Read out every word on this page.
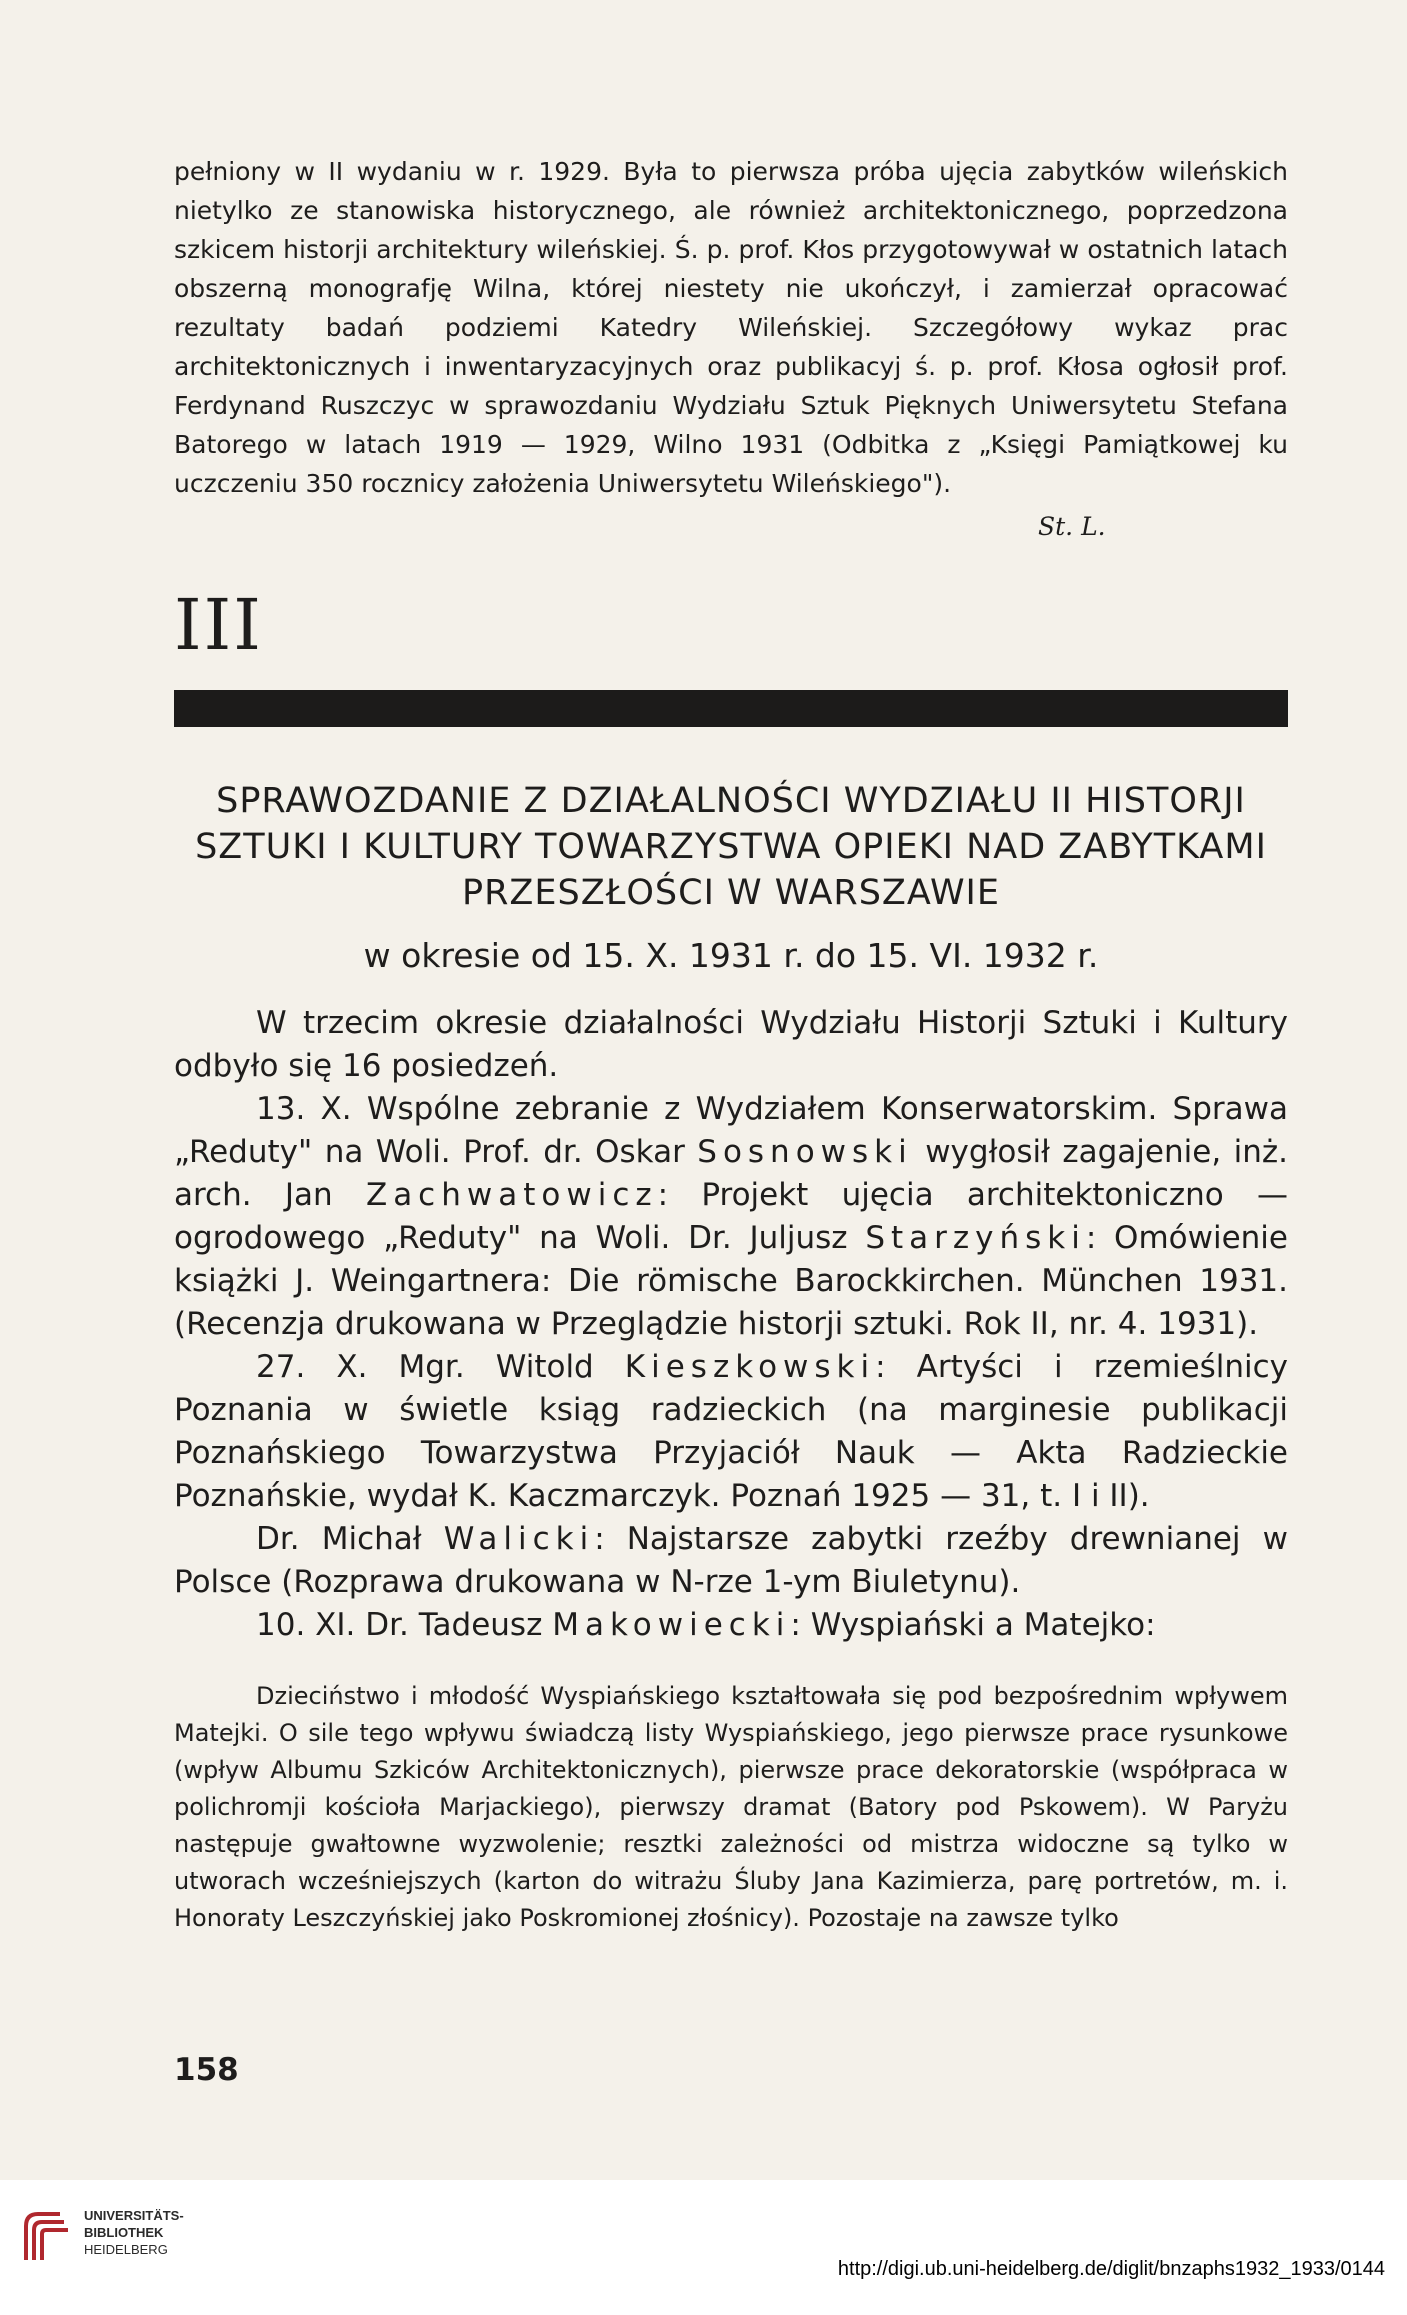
pełniony w II wydaniu w r. 1929. Była to pierwsza próba ujęcia zabytków wileńskich nietylko ze stanowiska historycznego, ale również architektonicznego, poprzedzona szkicem historji architektury wileńskiej. Ś. p. prof. Kłos przygotowywał w ostatnich latach obszerną monografję Wilna, której niestety nie ukończył, i zamierzał opracować rezultaty badań podziemi Katedry Wileńskiej. Szczegółowy wykaz prac architektonicznych i inwentaryzacyjnych oraz publikacyj ś. p. prof. Kłosa ogłosił prof. Ferdynand Ruszczyc w sprawozdaniu Wydziału Sztuk Pięknych Uniwersytetu Stefana Batorego w latach 1919 — 1929, Wilno 1931 (Odbitka z „Księgi Pamiątkowej ku uczczeniu 350 rocznicy założenia Uniwersytetu Wileńskiego").

St. L.
III
SPRAWOZDANIE Z DZIAŁALNOŚCI WYDZIAŁU II HISTORJI
SZTUKI I KULTURY TOWARZYSTWA OPIEKI NAD ZABYTKAMI
PRZESZŁOŚCI W WARSZAWIE
w okresie od 15. X. 1931 r. do 15. VI. 1932 r.

W trzecim okresie działalności Wydziału Historji Sztuki i Kultury odbyło się 16 posiedzeń.

13. X. Wspólne zebranie z Wydziałem Konserwatorskim. Sprawa „Reduty" na Woli. Prof. dr. Oskar Sosnowski wygłosił zagajenie, inż. arch. Jan Zachwatowicz: Projekt ujęcia architektoniczno — ogrodowego „Reduty" na Woli. Dr. Juljusz Starzyński: Omówienie książki J. Weingartnera: Die römische Barockkirchen. München 1931. (Recenzja drukowana w Przeglądzie historji sztuki. Rok II, nr. 4. 1931).

27. X. Mgr. Witold Kieszkowski: Artyści i rzemieślnicy Poznania w świetle ksiąg radzieckich (na marginesie publikacji Poznańskiego Towarzystwa Przyjaciół Nauk — Akta Radzieckie Poznańskie, wydał K. Kaczmarczyk. Poznań 1925 — 31, t. I i II).

Dr. Michał Walicki: Najstarsze zabytki rzeźby drewnianej w Polsce (Rozprawa drukowana w N-rze 1-ym Biuletynu).

10. XI. Dr. Tadeusz Makowiecki: Wyspiański a Matejko:

Dzieciństwo i młodość Wyspiańskiego kształtowała się pod bezpośrednim wpływem Matejki. O sile tego wpływu świadczą listy Wyspiańskiego, jego pierwsze prace rysunkowe (wpływ Albumu Szkiców Architektonicznych), pierwsze prace dekoratorskie (współpraca w polichromji kościoła Marjackiego), pierwszy dramat (Batory pod Pskowem). W Paryżu następuje gwałtowne wyzwolenie; resztki zależności od mistrza widoczne są tylko w utworach wcześniejszych (karton do witrażu Śluby Jana Kazimierza, parę portretów, m. i. Honoraty Leszczyńskiej jako Poskromionej złośnicy). Pozostaje na zawsze tylko

158
UNIVERSITÄTS-
BIBLIOTHEK
HEIDELBERG
http://digi.ub.uni-heidelberg.de/diglit/bnzaphs1932_1933/0144
